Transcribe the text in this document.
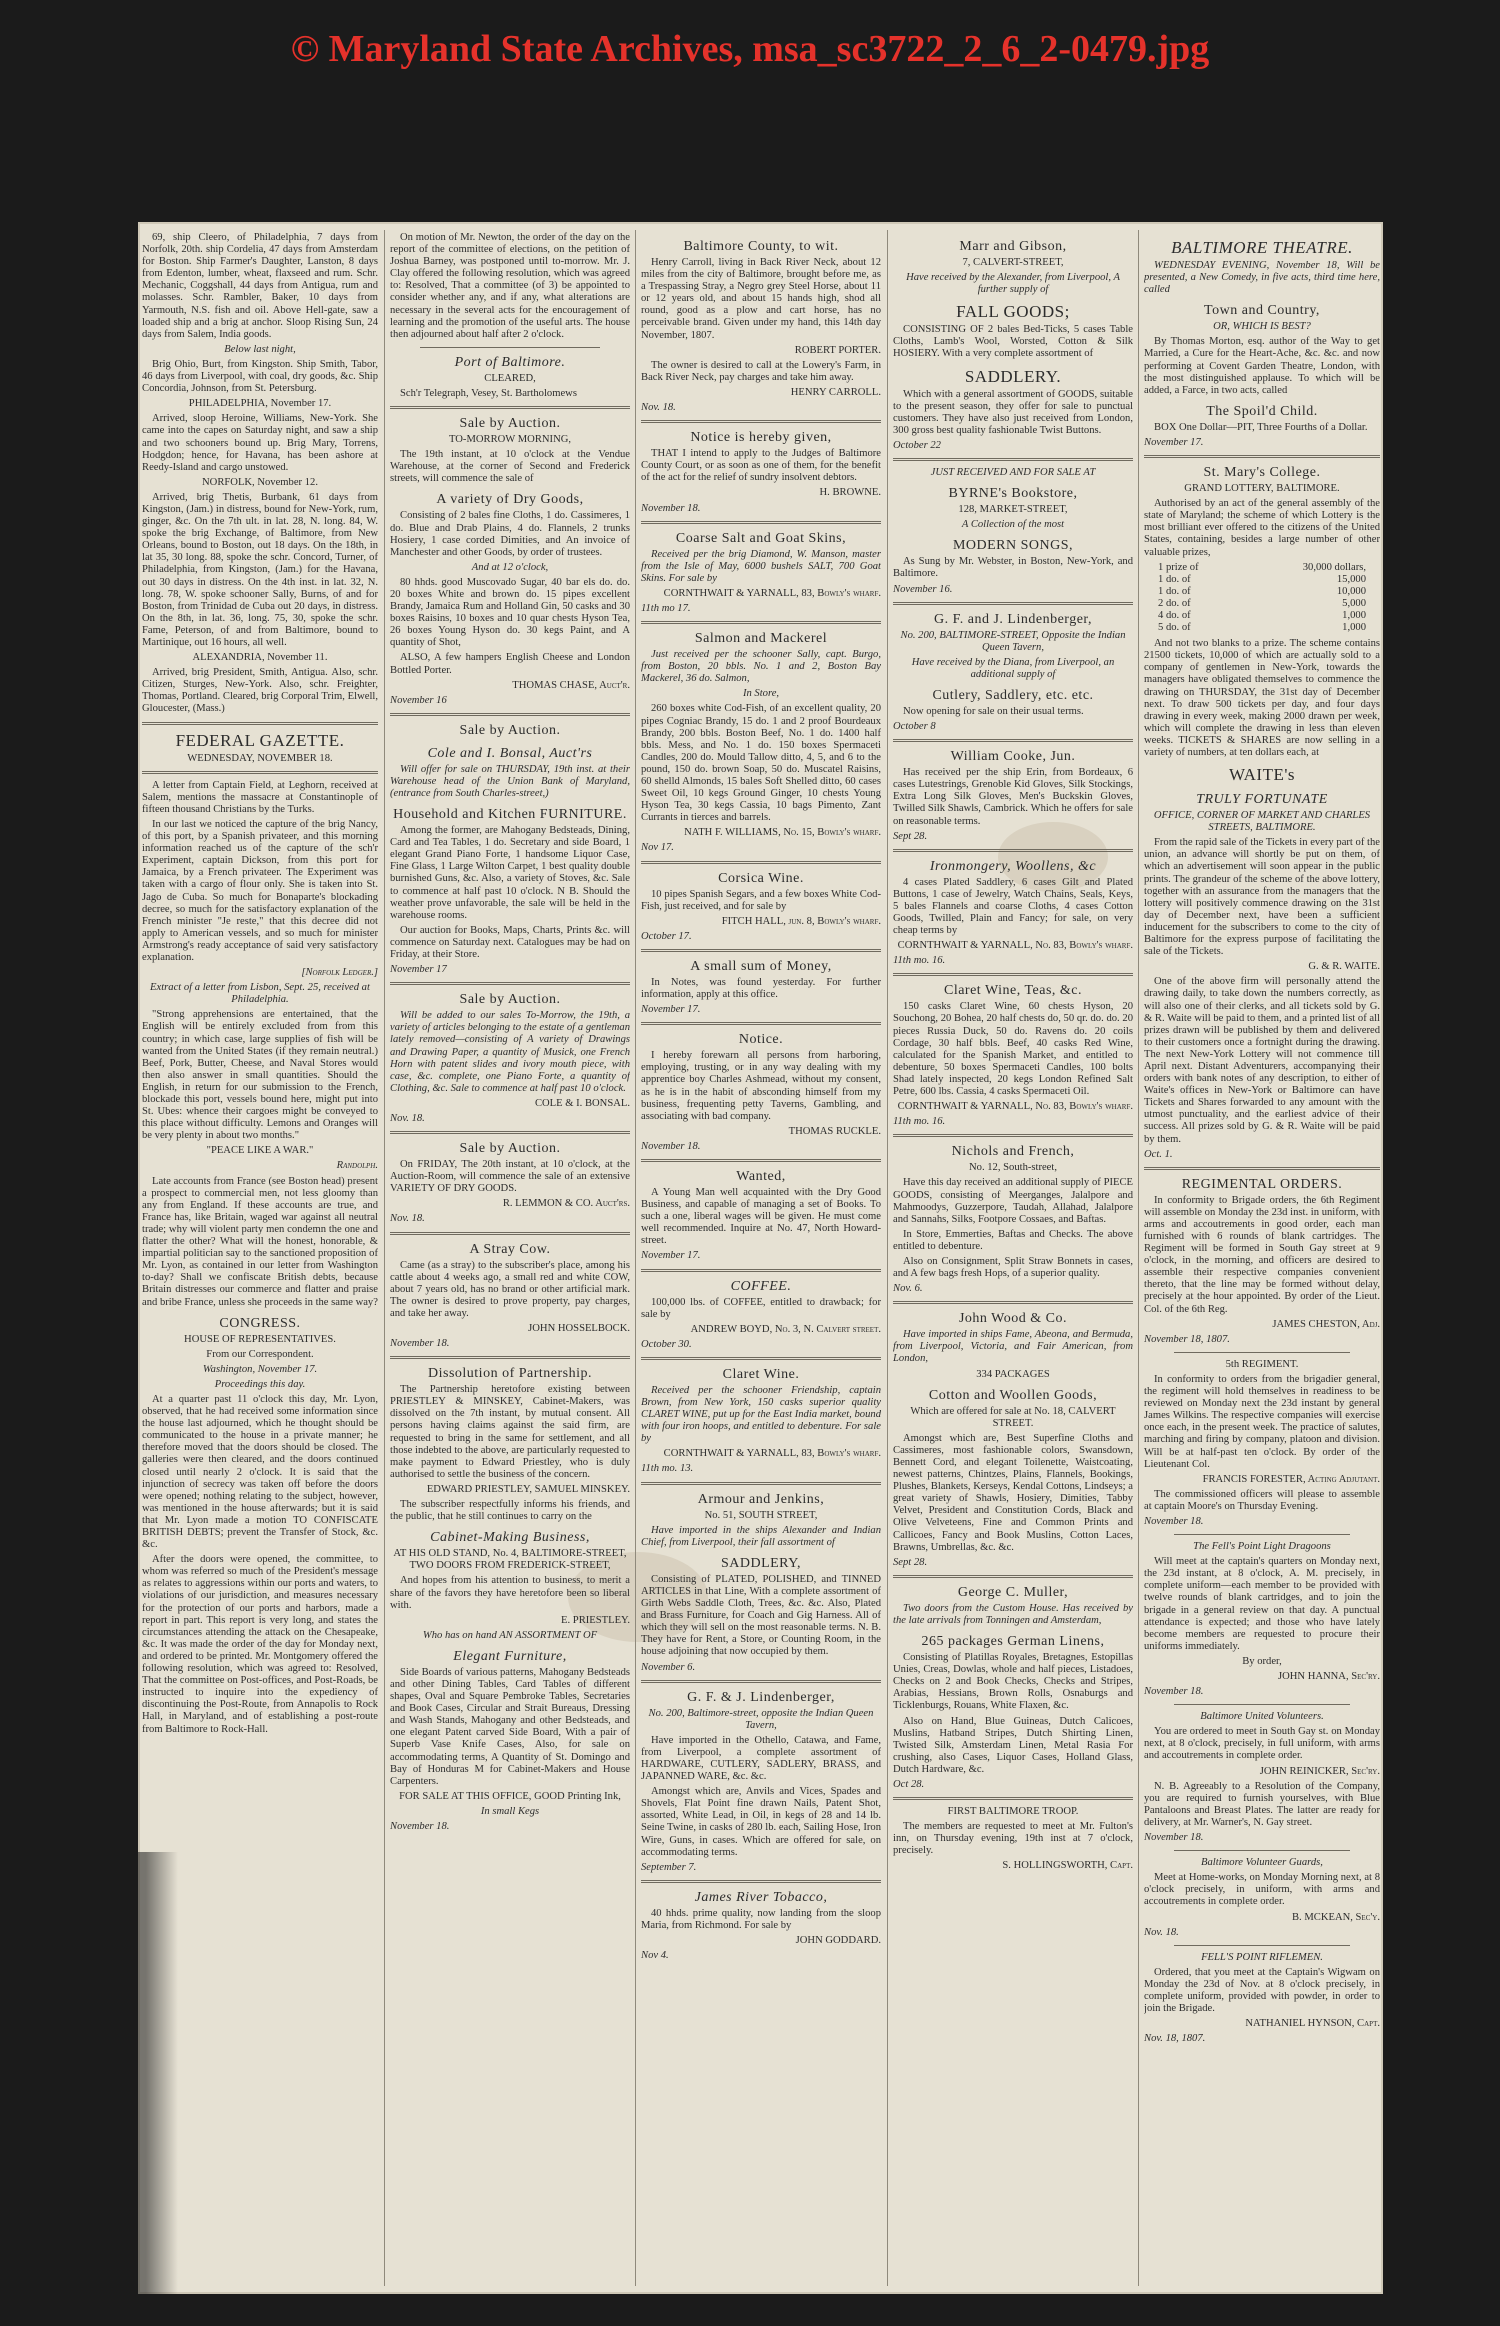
© Maryland State Archives, msa_sc3722_2_6_2-0479.jpg

69, ship Cleero, of Philadelphia, 7 days from Norfolk, 20th. ship Cordelia, 47 days from Amsterdam for Boston. Ship Farmer's Daughter, Lanston, 8 days from Edenton, lumber, wheat, flaxseed and rum. Schr. Mechanic, Coggshall, 44 days from Antigua, rum and molasses. Schr. Rambler, Baker, 10 days from Yarmouth, N.S. fish and oil. Above Hell-gate, saw a loaded ship and a brig at anchor. Sloop Rising Sun, 24 days from Salem, India goods.

Below last night,

Brig Ohio, Burt, from Kingston. Ship Smith, Tabor, 46 days from Liverpool, with coal, dry goods, &c. Ship Concordia, Johnson, from St. Petersburg.

PHILADELPHIA, November 17.

Arrived, sloop Heroine, Williams, New-York. She came into the capes on Saturday night, and saw a ship and two schooners bound up. Brig Mary, Torrens, Hodgdon; hence, for Havana, has been ashore at Reedy-Island and cargo unstowed.

NORFOLK, November 12.

Arrived, brig Thetis, Burbank, 61 days from Kingston, (Jam.) in distress, bound for New-York, rum, ginger, &c. On the 7th ult. in lat. 28, N. long. 84, W. spoke the brig Exchange, of Baltimore, from New Orleans, bound to Boston, out 18 days. On the 18th, in lat 35, 30 long. 88, spoke the schr. Concord, Turner, of Philadelphia, from Kingston, (Jam.) for the Havana, out 30 days in distress. On the 4th inst. in lat. 32, N. long. 78, W. spoke schooner Sally, Burns, of and for Boston, from Trinidad de Cuba out 20 days, in distress. On the 8th, in lat. 36, long. 75, 30, spoke the schr. Fame, Peterson, of and from Baltimore, bound to Martinique, out 16 hours, all well.

ALEXANDRIA, November 11.

Arrived, brig President, Smith, Antigua. Also, schr. Citizen, Sturges, New-York. Also, schr. Freighter, Thomas, Portland. Cleared, brig Corporal Trim, Elwell, Gloucester, (Mass.)

FEDERAL GAZETTE.

WEDNESDAY, NOVEMBER 18.

A letter from Captain Field, at Leghorn, received at Salem, mentions the massacre at Constantinople of fifteen thousand Christians by the Turks.

In our last we noticed the capture of the brig Nancy, of this port, by a Spanish privateer, and this morning information reached us of the capture of the sch'r Experiment, captain Dickson, from this port for Jamaica, by a French privateer. The Experiment was taken with a cargo of flour only. She is taken into St. Jago de Cuba. So much for Bonaparte's blockading decree, so much for the satisfactory explanation of the French minister "Je reste," that this decree did not apply to American vessels, and so much for minister Armstrong's ready acceptance of said very satisfactory explanation.

[Norfolk Ledger.]

Extract of a letter from Lisbon, Sept. 25, received at Philadelphia.

"Strong apprehensions are entertained, that the English will be entirely excluded from from this country; in which case, large supplies of fish will be wanted from the United States (if they remain neutral.) Beef, Pork, Butter, Cheese, and Naval Stores would then also answer in small quantities. Should the English, in return for our submission to the French, blockade this port, vessels bound here, might put into St. Ubes: whence their cargoes might be conveyed to this place without difficulty. Lemons and Oranges will be very plenty in about two months."

"PEACE LIKE A WAR."

Randolph.

Late accounts from France (see Boston head) present a prospect to commercial men, not less gloomy than any from England. If these accounts are true, and France has, like Britain, waged war against all neutral trade; why will violent party men condemn the one and flatter the other? What will the honest, honorable, & impartial politician say to the sanctioned proposition of Mr. Lyon, as contained in our letter from Washington to-day? Shall we confiscate British debts, because Britain distresses our commerce and flatter and praise and bribe France, unless she proceeds in the same way?

CONGRESS.

HOUSE OF REPRESENTATIVES.

From our Correspondent.

Washington, November 17.

Proceedings this day.

At a quarter past 11 o'clock this day, Mr. Lyon, observed, that he had received some information since the house last adjourned, which he thought should be communicated to the house in a private manner; he therefore moved that the doors should be closed. The galleries were then cleared, and the doors continued closed until nearly 2 o'clock. It is said that the injunction of secrecy was taken off before the doors were opened; nothing relating to the subject, however, was mentioned in the house afterwards; but it is said that Mr. Lyon made a motion TO CONFISCATE BRITISH DEBTS; prevent the Transfer of Stock, &c. &c.

After the doors were opened, the committee, to whom was referred so much of the President's message as relates to aggressions within our ports and waters, to violations of our jurisdiction, and measures necessary for the protection of our ports and harbors, made a report in part. This report is very long, and states the circumstances attending the attack on the Chesapeake, &c. It was made the order of the day for Monday next, and ordered to be printed. Mr. Montgomery offered the following resolution, which was agreed to: Resolved, That the committee on Post-offices, and Post-Roads, be instructed to inquire into the expediency of discontinuing the Post-Route, from Annapolis to Rock Hall, in Maryland, and of establishing a post-route from Baltimore to Rock-Hall.

On motion of Mr. Newton, the order of the day on the report of the committee of elections, on the petition of Joshua Barney, was postponed until to-morrow. Mr. J. Clay offered the following resolution, which was agreed to: Resolved, That a committee (of 3) be appointed to consider whether any, and if any, what alterations are necessary in the several acts for the encouragement of learning and the promotion of the useful arts. The house then adjourned about half after 2 o'clock.

Port of Baltimore.

CLEARED,

Sch'r Telegraph, Vesey, St. Bartholomews

Sale by Auction.

TO-MORROW MORNING,

The 19th instant, at 10 o'clock at the Vendue Warehouse, at the corner of Second and Frederick streets, will commence the sale of

A variety of Dry Goods,

Consisting of 2 bales fine Cloths, 1 do. Cassimeres, 1 do. Blue and Drab Plains, 4 do. Flannels, 2 trunks Hosiery, 1 case corded Dimities, and An invoice of Manchester and other Goods, by order of trustees.

And at 12 o'clock,

80 hhds. good Muscovado Sugar, 40 bar els do. do. 20 boxes White and brown do. 15 pipes excellent Brandy, Jamaica Rum and Holland Gin, 50 casks and 30 boxes Raisins, 10 boxes and 10 quar chests Hyson Tea, 26 boxes Young Hyson do. 30 kegs Paint, and A quantity of Shot,

ALSO, A few hampers English Cheese and London Bottled Porter.

THOMAS CHASE, Auct'r.

November 16

Sale by Auction.
Cole and I. Bonsal, Auct'rs

Will offer for sale on THURSDAY, 19th inst. at their Warehouse head of the Union Bank of Maryland, (entrance from South Charles-street,)

Household and Kitchen FURNITURE.

Among the former, are Mahogany Bedsteads, Dining, Card and Tea Tables, 1 do. Secretary and side Board, 1 elegant Grand Piano Forte, 1 handsome Liquor Case, Fine Glass, 1 Large Wilton Carpet, 1 best quality double burnished Guns, &c. Also, a variety of Stoves, &c. Sale to commence at half past 10 o'clock. N B. Should the weather prove unfavorable, the sale will be held in the warehouse rooms.

Our auction for Books, Maps, Charts, Prints &c. will commence on Saturday next. Catalogues may be had on Friday, at their Store.

November 17

Sale by Auction.

Will be added to our sales To-Morrow, the 19th, a variety of articles belonging to the estate of a gentleman lately removed—consisting of A variety of Drawings and Drawing Paper, a quantity of Musick, one French Horn with patent slides and ivory mouth piece, with case, &c. complete, one Piano Forte, a quantity of Clothing, &c. Sale to commence at half past 10 o'clock.

COLE & I. BONSAL.

Nov. 18.

Sale by Auction.

On FRIDAY, The 20th instant, at 10 o'clock, at the Auction-Room, will commence the sale of an extensive VARIETY OF DRY GOODS.

R. LEMMON & CO. Auct'rs.

Nov. 18.

A Stray Cow.

Came (as a stray) to the subscriber's place, among his cattle about 4 weeks ago, a small red and white COW, about 7 years old, has no brand or other artificial mark. The owner is desired to prove property, pay charges, and take her away.

JOHN HOSSELBOCK.

November 18.

Dissolution of Partnership.

The Partnership heretofore existing between PRIESTLEY & MINSKEY, Cabinet-Makers, was dissolved on the 7th instant, by mutual consent. All persons having claims against the said firm, are requested to bring in the same for settlement, and all those indebted to the above, are particularly requested to make payment to Edward Priestley, who is duly authorised to settle the business of the concern.

EDWARD PRIESTLEY, SAMUEL MINSKEY.

The subscriber respectfully informs his friends, and the public, that he still continues to carry on the

Cabinet-Making Business,

AT HIS OLD STAND, No. 4, BALTIMORE-STREET, TWO DOORS FROM FREDERICK-STREET,

And hopes from his attention to business, to merit a share of the favors they have heretofore been so liberal with.

E. PRIESTLEY.

Who has on hand AN ASSORTMENT OF

Elegant Furniture,

Side Boards of various patterns, Mahogany Bedsteads and other Dining Tables, Card Tables of different shapes, Oval and Square Pembroke Tables, Secretaries and Book Cases, Circular and Strait Bureaus, Dressing and Wash Stands, Mahogany and other Bedsteads, and one elegant Patent carved Side Board, With a pair of Superb Vase Knife Cases, Also, for sale on accommodating terms, A Quantity of St. Domingo and Bay of Honduras M for Cabinet-Makers and House Carpenters.

FOR SALE AT THIS OFFICE, GOOD Printing Ink,

In small Kegs

November 18.

Baltimore County, to wit.

Henry Carroll, living in Back River Neck, about 12 miles from the city of Baltimore, brought before me, as a Trespassing Stray, a Negro grey Steel Horse, about 11 or 12 years old, and about 15 hands high, shod all round, good as a plow and cart horse, has no perceivable brand. Given under my hand, this 14th day November, 1807.

ROBERT PORTER.

The owner is desired to call at the Lowery's Farm, in Back River Neck, pay charges and take him away.

HENRY CARROLL.

Nov. 18.

Notice is hereby given,

THAT I intend to apply to the Judges of Baltimore County Court, or as soon as one of them, for the benefit of the act for the relief of sundry insolvent debtors.

H. BROWNE.

November 18.

Coarse Salt and Goat Skins,

Received per the brig Diamond, W. Manson, master from the Isle of May, 6000 bushels SALT, 700 Goat Skins. For sale by

CORNTHWAIT & YARNALL, 83, Bowly's wharf.

11th mo 17.

Salmon and Mackerel

Just received per the schooner Sally, capt. Burgo, from Boston, 20 bbls. No. 1 and 2, Boston Bay Mackerel, 36 do. Salmon,

In Store,

260 boxes white Cod-Fish, of an excellent quality, 20 pipes Cogniac Brandy, 15 do. 1 and 2 proof Bourdeaux Brandy, 200 bbls. Boston Beef, No. 1 do. 1400 half bbls. Mess, and No. 1 do. 150 boxes Spermaceti Candles, 200 do. Mould Tallow ditto, 4, 5, and 6 to the pound, 150 do. brown Soap, 50 do. Muscatel Raisins, 60 shelld Almonds, 15 bales Soft Shelled ditto, 60 cases Sweet Oil, 10 kegs Ground Ginger, 10 chests Young Hyson Tea, 30 kegs Cassia, 10 bags Pimento, Zant Currants in tierces and barrels.

NATH F. WILLIAMS, No. 15, Bowly's wharf.

Nov 17.

Corsica Wine.

10 pipes Spanish Segars, and a few boxes White Cod-Fish, just received, and for sale by

FITCH HALL, jun. 8, Bowly's wharf.

October 17.

A small sum of Money,

In Notes, was found yesterday. For further information, apply at this office.

November 17.

Notice.

I hereby forewarn all persons from harboring, employing, trusting, or in any way dealing with my apprentice boy Charles Ashmead, without my consent, as he is in the habit of absconding himself from my business, frequenting petty Taverns, Gambling, and associating with bad company.

THOMAS RUCKLE.

November 18.

Wanted,

A Young Man well acquainted with the Dry Good Business, and capable of managing a set of Books. To such a one, liberal wages will be given. He must come well recommended. Inquire at No. 47, North Howard-street.

November 17.

COFFEE.

100,000 lbs. of COFFEE, entitled to drawback; for sale by

ANDREW BOYD, No. 3, N. Calvert street.

October 30.

Claret Wine.

Received per the schooner Friendship, captain Brown, from New York, 150 casks superior quality CLARET WINE, put up for the East India market, bound with four iron hoops, and entitled to debenture. For sale by

CORNTHWAIT & YARNALL, 83, Bowly's wharf.

11th mo. 13.

Armour and Jenkins,

No. 51, SOUTH STREET,

Have imported in the ships Alexander and Indian Chief, from Liverpool, their fall assortment of

SADDLERY,

Consisting of PLATED, POLISHED, and TINNED ARTICLES in that Line, With a complete assortment of Girth Webs Saddle Cloth, Trees, &c. &c. Also, Plated and Brass Furniture, for Coach and Gig Harness. All of which they will sell on the most reasonable terms. N. B. They have for Rent, a Store, or Counting Room, in the house adjoining that now occupied by them.

November 6.

G. F. & J. Lindenberger,

No. 200, Baltimore-street, opposite the Indian Queen Tavern,

Have imported in the Othello, Catawa, and Fame, from Liverpool, a complete assortment of HARDWARE, CUTLERY, SADLERY, BRASS, and JAPANNED WARE, &c. &c.

Amongst which are, Anvils and Vices, Spades and Shovels, Flat Point fine drawn Nails, Patent Shot, assorted, White Lead, in Oil, in kegs of 28 and 14 lb. Seine Twine, in casks of 280 lb. each, Sailing Hose, Iron Wire, Guns, in cases. Which are offered for sale, on accommodating terms.

September 7.

James River Tobacco,

40 hhds. prime quality, now landing from the sloop Maria, from Richmond. For sale by

JOHN GODDARD.

Nov 4.

Marr and Gibson,

7, CALVERT-STREET,

Have received by the Alexander, from Liverpool, A further supply of

FALL GOODS;

CONSISTING OF 2 bales Bed-Ticks, 5 cases Table Cloths, Lamb's Wool, Worsted, Cotton & Silk HOSIERY. With a very complete assortment of

SADDLERY.

Which with a general assortment of GOODS, suitable to the present season, they offer for sale to punctual customers. They have also just received from London, 300 gross best quality fashionable Twist Buttons.

October 22

JUST RECEIVED AND FOR SALE AT

BYRNE's Bookstore,

128, MARKET-STREET,

A Collection of the most

MODERN SONGS,

As Sung by Mr. Webster, in Boston, New-York, and Baltimore.

November 16.

G. F. and J. Lindenberger,

No. 200, BALTIMORE-STREET, Opposite the Indian Queen Tavern,

Have received by the Diana, from Liverpool, an additional supply of

Cutlery, Saddlery, etc. etc.

Now opening for sale on their usual terms.

October 8

William Cooke, Jun.

Has received per the ship Erin, from Bordeaux, 6 cases Lutestrings, Grenoble Kid Gloves, Silk Stockings, Extra Long Silk Gloves, Men's Buckskin Gloves, Twilled Silk Shawls, Cambrick. Which he offers for sale on reasonable terms.

Sept 28.

Ironmongery, Woollens, &c

4 cases Plated Saddlery, 6 cases Gilt and Plated Buttons, 1 case of Jewelry, Watch Chains, Seals, Keys, 5 bales Flannels and coarse Cloths, 4 cases Cotton Goods, Twilled, Plain and Fancy; for sale, on very cheap terms by

CORNTHWAIT & YARNALL, No. 83, Bowly's wharf.

11th mo. 16.

Claret Wine, Teas, &c.

150 casks Claret Wine, 60 chests Hyson, 20 Souchong, 20 Bohea, 20 half chests do, 50 qr. do. do. 20 pieces Russia Duck, 50 do. Ravens do. 20 coils Cordage, 30 half bbls. Beef, 40 casks Red Wine, calculated for the Spanish Market, and entitled to debenture, 50 boxes Spermaceti Candles, 100 bolts Shad lately inspected, 20 kegs London Refined Salt Petre, 600 lbs. Cassia, 4 casks Spermaceti Oil.

CORNTHWAIT & YARNALL, No. 83, Bowly's wharf.

11th mo. 16.

Nichols and French,

No. 12, South-street,

Have this day received an additional supply of PIECE GOODS, consisting of Meerganges, Jalalpore and Mahmoodys, Guzzerpore, Taudah, Allahad, Jalalpore and Sannahs, Silks, Footpore Cossaes, and Baftas.

In Store, Emmerties, Baftas and Checks. The above entitled to debenture.

Also on Consignment, Split Straw Bonnets in cases, and A few bags fresh Hops, of a superior quality.

Nov. 6.

John Wood & Co.

Have imported in ships Fame, Abeona, and Bermuda, from Liverpool, Victoria, and Fair American, from London,

334 PACKAGES

Cotton and Woollen Goods,

Which are offered for sale at No. 18, CALVERT STREET.

Amongst which are, Best Superfine Cloths and Cassimeres, most fashionable colors, Swansdown, Bennett Cord, and elegant Toilenette, Waistcoating, newest patterns, Chintzes, Plains, Flannels, Bookings, Plushes, Blankets, Kerseys, Kendal Cottons, Lindseys; a great variety of Shawls, Hosiery, Dimities, Tabby Velvet, President and Constitution Cords, Black and Olive Velveteens, Fine and Common Prints and Callicoes, Fancy and Book Muslins, Cotton Laces, Brawns, Umbrellas, &c. &c.

Sept 28.

George C. Muller,

Two doors from the Custom House. Has received by the late arrivals from Tonningen and Amsterdam,

265 packages German Linens,

Consisting of Platillas Royales, Bretagnes, Estopillas Unies, Creas, Dowlas, whole and half pieces, Listadoes, Checks on 2 and Book Checks, Checks and Stripes, Arabias, Hessians, Brown Rolls, Osnaburgs and Ticklenburgs, Rouans, White Flaxen, &c.

Also on Hand, Blue Guineas, Dutch Calicoes, Muslins, Hatband Stripes, Dutch Shirting Linen, Twisted Silk, Amsterdam Linen, Metal Rasia For crushing, also Cases, Liquor Cases, Holland Glass, Dutch Hardware, &c.

Oct 28.

FIRST BALTIMORE TROOP.

The members are requested to meet at Mr. Fulton's inn, on Thursday evening, 19th inst at 7 o'clock, precisely.

S. HOLLINGSWORTH, Capt.

BALTIMORE THEATRE.

WEDNESDAY EVENING, November 18, Will be presented, a New Comedy, in five acts, third time here, called

Town and Country,

OR, WHICH IS BEST?

By Thomas Morton, esq. author of the Way to get Married, a Cure for the Heart-Ache, &c. &c. and now performing at Covent Garden Theatre, London, with the most distinguished applause. To which will be added, a Farce, in two acts, called

The Spoil'd Child.

BOX One Dollar—PIT, Three Fourths of a Dollar.

November 17.

St. Mary's College.

GRAND LOTTERY, BALTIMORE.

Authorised by an act of the general assembly of the state of Maryland; the scheme of which Lottery is the most brilliant ever offered to the citizens of the United States, containing, besides a large number of other valuable prizes,

1 prize of	30,000 dollars,
1 do. of	15,000
1 do. of	10,000
2 do. of	5,000
4 do. of	1,000
5 do. of	1,000

And not two blanks to a prize. The scheme contains 21500 tickets, 10,000 of which are actually sold to a company of gentlemen in New-York, towards the managers have obligated themselves to commence the drawing on THURSDAY, the 31st day of December next. To draw 500 tickets per day, and four days drawing in every week, making 2000 drawn per week, which will complete the drawing in less than eleven weeks. TICKETS & SHARES are now selling in a variety of numbers, at ten dollars each, at

WAITE's
TRULY FORTUNATE

OFFICE, CORNER OF MARKET AND CHARLES STREETS, BALTIMORE.

From the rapid sale of the Tickets in every part of the union, an advance will shortly be put on them, of which an advertisement will soon appear in the public prints. The grandeur of the scheme of the above lottery, together with an assurance from the managers that the lottery will positively commence drawing on the 31st day of December next, have been a sufficient inducement for the subscribers to come to the city of Baltimore for the express purpose of facilitating the sale of the Tickets.

G. & R. WAITE.

One of the above firm will personally attend the drawing daily, to take down the numbers correctly, as will also one of their clerks, and all tickets sold by G. & R. Waite will be paid to them, and a printed list of all prizes drawn will be published by them and delivered to their customers once a fortnight during the drawing. The next New-York Lottery will not commence till April next. Distant Adventurers, accompanying their orders with bank notes of any description, to either of Waite's offices in New-York or Baltimore can have Tickets and Shares forwarded to any amount with the utmost punctuality, and the earliest advice of their success. All prizes sold by G. & R. Waite will be paid by them.

Oct. 1.

REGIMENTAL ORDERS.

In conformity to Brigade orders, the 6th Regiment will assemble on Monday the 23d inst. in uniform, with arms and accoutrements in good order, each man furnished with 6 rounds of blank cartridges. The Regiment will be formed in South Gay street at 9 o'clock, in the morning, and officers are desired to assemble their respective companies convenient thereto, that the line may be formed without delay, precisely at the hour appointed. By order of the Lieut. Col. of the 6th Reg.

JAMES CHESTON, Adj.

November 18, 1807.

5th REGIMENT.

In conformity to orders from the brigadier general, the regiment will hold themselves in readiness to be reviewed on Monday next the 23d instant by general James Wilkins. The respective companies will exercise once each, in the present week. The practice of salutes, marching and firing by company, platoon and division. Will be at half-past ten o'clock. By order of the Lieutenant Col.

FRANCIS FORESTER, Acting Adjutant.

The commissioned officers will please to assemble at captain Moore's on Thursday Evening.

November 18.

The Fell's Point Light Dragoons

Will meet at the captain's quarters on Monday next, the 23d instant, at 8 o'clock, A. M. precisely, in complete uniform—each member to be provided with twelve rounds of blank cartridges, and to join the brigade in a general review on that day. A punctual attendance is expected; and those who have lately become members are requested to procure their uniforms immediately.

By order,

JOHN HANNA, Sec'ry.

November 18.

Baltimore United Volunteers.

You are ordered to meet in South Gay st. on Monday next, at 8 o'clock, precisely, in full uniform, with arms and accoutrements in complete order.

JOHN REINICKER, Sec'ry.

N. B. Agreeably to a Resolution of the Company, you are required to furnish yourselves, with Blue Pantaloons and Breast Plates. The latter are ready for delivery, at Mr. Warner's, N. Gay street.

November 18.

Baltimore Volunteer Guards,

Meet at Home-works, on Monday Morning next, at 8 o'clock precisely, in uniform, with arms and accoutrements in complete order.

B. MCKEAN, Sec'y.

Nov. 18.

FELL'S POINT RIFLEMEN.

Ordered, that you meet at the Captain's Wigwam on Monday the 23d of Nov. at 8 o'clock precisely, in complete uniform, provided with powder, in order to join the Brigade.

NATHANIEL HYNSON, Capt.

Nov. 18, 1807.
